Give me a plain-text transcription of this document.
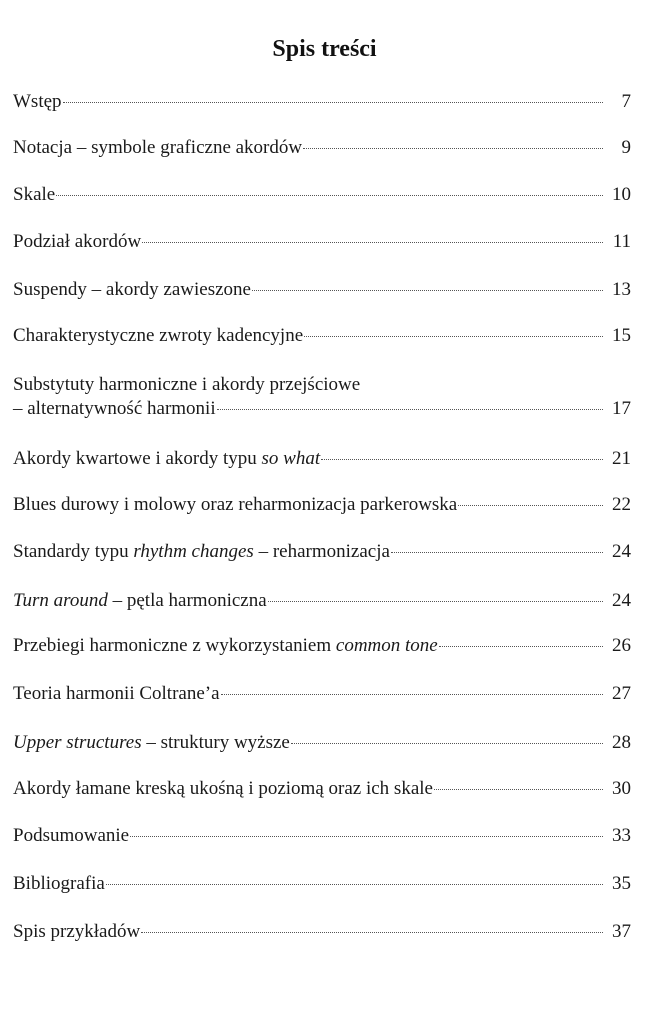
Spis treści
Wstęp	7
Notacja – symbole graficzne akordów	9
Skale	10
Podział akordów	11
Suspendy – akordy zawieszone	13
Charakterystyczne zwroty kadencyjne	15
Substytuty harmoniczne i akordy przejściowe
– alternatywność harmonii	17
Akordy kwartowe i akordy typu so what	21
Blues durowy i molowy oraz reharmonizacja parkerowska	22
Standardy typu rhythm changes – reharmonizacja	24
Turn around – pętla harmoniczna	24
Przebiegi harmoniczne z wykorzystaniem common tone	26
Teoria harmonii Coltrane’a	27
Upper structures – struktury wyższe	28
Akordy łamane kreską ukośną i poziomą oraz ich skale	30
Podsumowanie	33
Bibliografia	35
Spis przykładów	37
